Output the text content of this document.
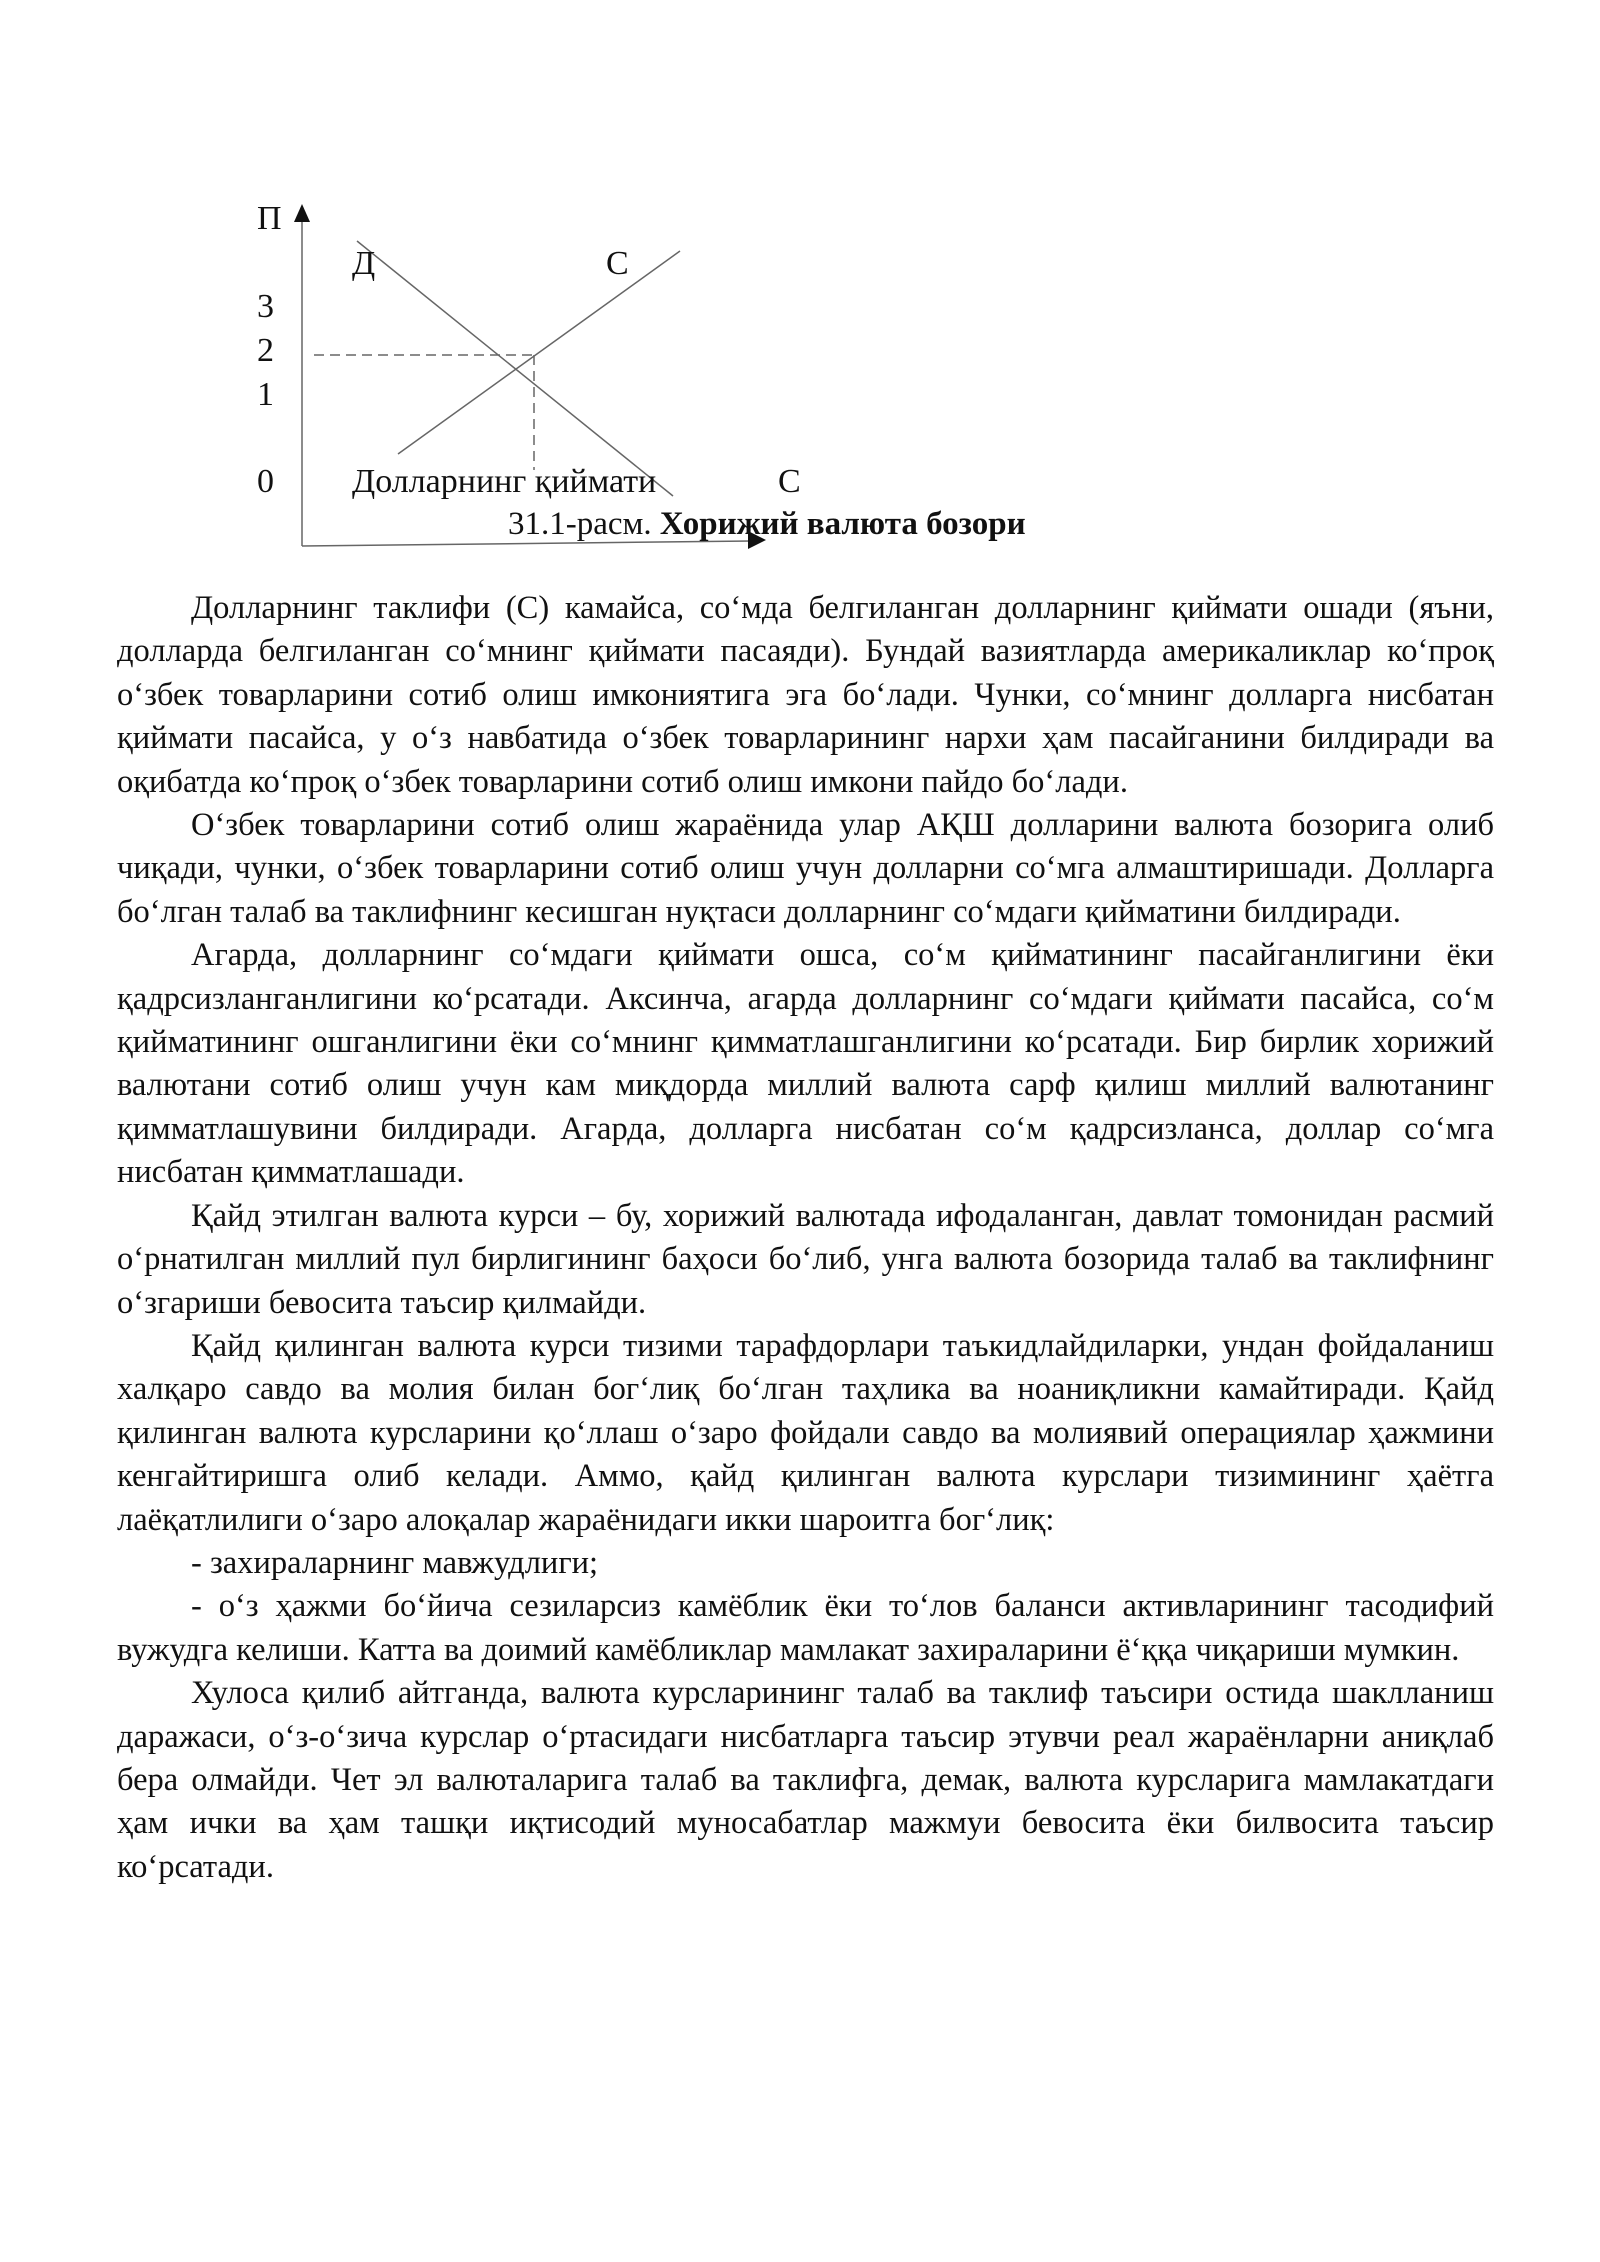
П
Д	С
3
2
1
0 Долларнинг қиймати	С
31.1-расм. Хорижий валюта бозори

Долларнинг таклифи (С) камайса, соʻмда белгиланган долларнинг қиймати ошади (яъни, долларда белгиланган соʻмнинг қиймати пасаяди). Бундай вазиятларда америкаликлар коʻпроқ оʻзбек товарларини сотиб олиш имкониятига эга боʻлади. Чунки, соʻмнинг долларга нисбатан қиймати пасайса, у оʻз навбатида оʻзбек товарларининг нархи ҳам пасайганини билдиради ва оқибатда коʻпроқ оʻзбек товарларини сотиб олиш имкони пайдо боʻлади.

Оʻзбек товарларини сотиб олиш жараёнида улар АҚШ долларини валюта бозорига олиб чиқади, чунки, оʻзбек товарларини сотиб олиш учун долларни соʻмга алмаштиришади. Долларга боʻлган талаб ва таклифнинг кесишган нуқтаси долларнинг соʻмдаги қийматини билдиради.

Агарда, долларнинг соʻмдаги қиймати ошса, соʻм қийматининг пасайганлигини ёки қадрсизланганлигини коʻрсатади. Аксинча, агарда долларнинг соʻмдаги қиймати пасайса, соʻм қийматининг ошганлигини ёки соʻмнинг қимматлашганлигини коʻрсатади. Бир бирлик хорижий валютани сотиб олиш учун кам миқдорда миллий валюта сарф қилиш миллий валютанинг қимматлашувини билдиради. Агарда, долларга нисбатан соʻм қадрсизланса, доллар соʻмга нисбатан қимматлашади.

Қайд этилган валюта курси – бу, хорижий валютада ифодаланган, давлат томонидан расмий оʻрнатилган миллий пул бирлигининг баҳоси боʻлиб, унга валюта бозорида талаб ва таклифнинг оʻзгариши бевосита таъсир қилмайди.

Қайд қилинган валюта курси тизими тарафдорлари таъкидлайдиларки, ундан фойдаланиш халқаро савдо ва молия билан богʻлиқ боʻлган таҳлика ва ноаниқликни камайтиради. Қайд қилинган валюта курсларини қоʻллаш оʻзаро фойдали савдо ва молиявий операциялар ҳажмини кенгайтиришга олиб келади. Аммо, қайд қилинган валюта курслари тизимининг ҳаётга лаёқатлилиги оʻзаро алоқалар жараёнидаги икки шароитга богʻлиқ:

- захираларнинг мавжудлиги;

- оʻз ҳажми боʻйича сезиларсиз камёблик ёки тоʻлов баланси активларининг тасодифий вужудга келиши. Катта ва доимий камёбликлар мамлакат захираларини ёʻққа чиқариши мумкин.

Хулоса қилиб айтганда, валюта курсларининг талаб ва таклиф таъсири остида шаклланиш даражаси, оʻз-оʻзича курслар оʻртасидаги нисбатларга таъсир этувчи реал жараёнларни аниқлаб бера олмайди. Чет эл валюталарига талаб ва таклифга, демак, валюта курсларига мамлакатдаги ҳам ички ва ҳам ташқи иқтисодий муносабатлар мажмуи бевосита ёки билвосита таъсир коʻрсатади.
